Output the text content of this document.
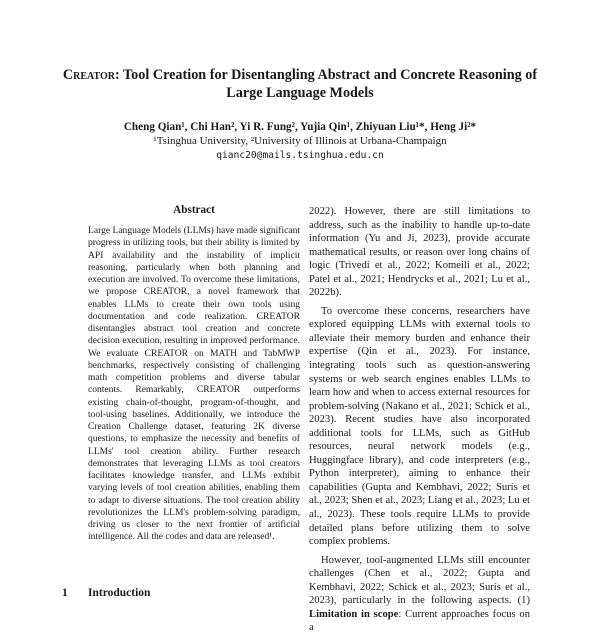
Creator: Tool Creation for Disentangling Abstract and Concrete Reasoning of Large Language Models
Cheng Qian¹, Chi Han², Yi R. Fung², Yujia Qin¹, Zhiyuan Liu¹*, Heng Ji²*
¹Tsinghua University, ²University of Illinois at Urbana-Champaign
qianc20@mails.tsinghua.edu.cn
Abstract

Large Language Models (LLMs) have made significant progress in utilizing tools, but their ability is limited by API availability and the instability of implicit reasoning, particularly when both planning and execution are involved. To overcome these limitations, we propose CREATOR, a novel framework that enables LLMs to create their own tools using documentation and code realization. CREATOR disentangles abstract tool creation and concrete decision execution, resulting in improved performance. We evaluate CREATOR on MATH and TabMWP benchmarks, respectively consisting of challenging math competition problems and diverse tabular contents. Remarkably, CREATOR outperforms existing chain-of-thought, program-of-thought, and tool-using baselines. Additionally, we introduce the Creation Challenge dataset, featuring 2K diverse questions, to emphasize the necessity and benefits of LLMs' tool creation ability. Further research demonstrates that leveraging LLMs as tool creators facilitates knowledge transfer, and LLMs exhibit varying levels of tool creation abilities, enabling them to adapt to diverse situations. The tool creation ability revolutionizes the LLM's problem-solving paradigm, driving us closer to the next frontier of artificial intelligence. All the codes and data are released¹.

1 Introduction

2022). However, there are still limitations to address, such as the inability to handle up-to-date information (Yu and Ji, 2023), provide accurate mathematical results, or reason over long chains of logic (Trivedi et al., 2022; Komeili et al., 2022; Patel et al., 2021; Hendrycks et al., 2021; Lu et al., 2022b).

To overcome these concerns, researchers have explored equipping LLMs with external tools to alleviate their memory burden and enhance their expertise (Qin et al., 2023). For instance, integrating tools such as question-answering systems or web search engines enables LLMs to learn how and when to access external resources for problem-solving (Nakano et al., 2021; Schick et al., 2023). Recent studies have also incorporated additional tools for LLMs, such as GitHub resources, neural network models (e.g., Huggingface library), and code interpreters (e.g., Python interpreter), aiming to enhance their capabilities (Gupta and Kembhavi, 2022; Surís et al., 2023; Shen et al., 2023; Liang et al., 2023; Lu et al., 2023). These tools require LLMs to provide detailed plans before utilizing them to solve complex problems.

However, tool-augmented LLMs still encounter challenges (Chen et al., 2022; Gupta and Kembhavi, 2022; Schick et al., 2023; Surís et al., 2023), particularly in the following aspects. (1) Limitation in scope: Current approaches focus on a
